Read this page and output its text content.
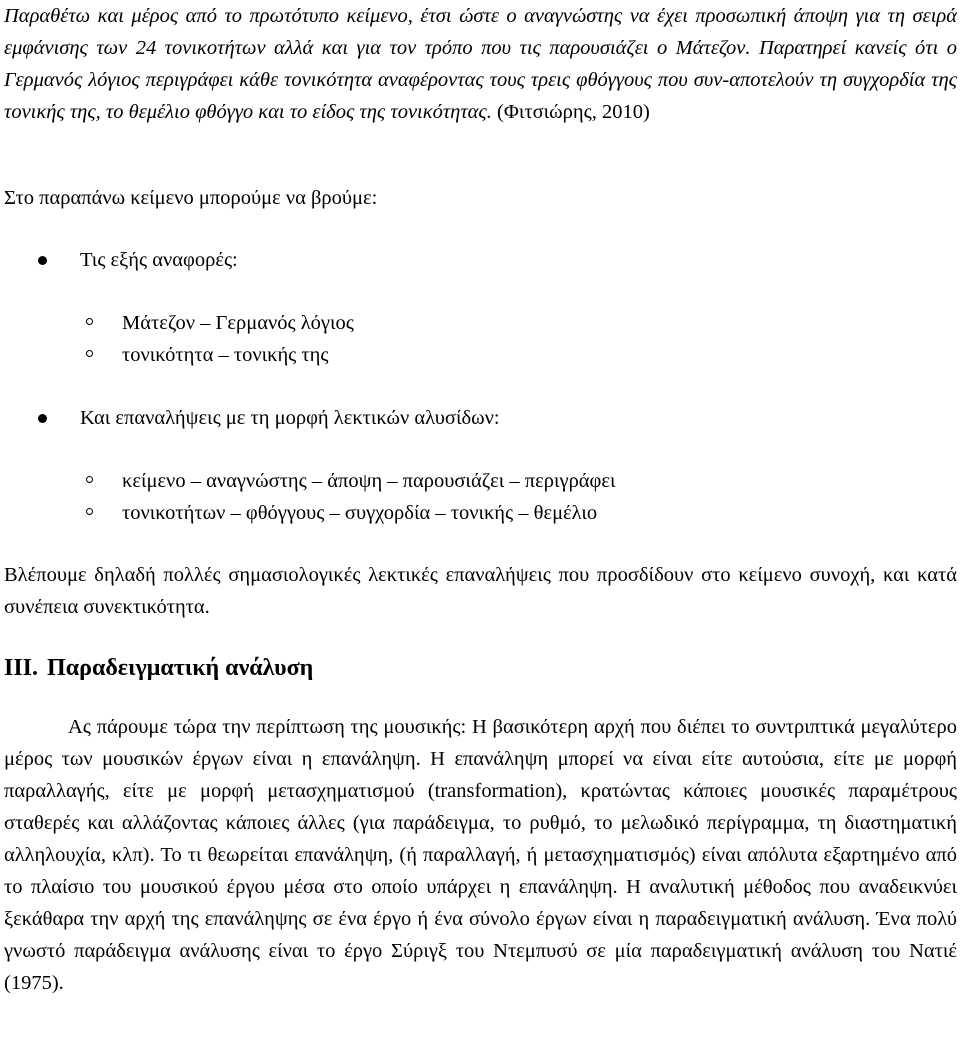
Παραθέτω και μέρος από το πρωτότυπο κείμενο, έτσι ώστε ο αναγνώστης να έχει προσωπική άποψη για τη σειρά εμφάνισης των 24 τονικοτήτων αλλά και για τον τρόπο που τις παρουσιάζει ο Μάτεζον. Παρατηρεί κανείς ότι ο Γερμανός λόγιος περιγράφει κάθε τονικότητα αναφέροντας τους τρεις φθόγγους που συν-αποτελούν τη συγχορδία της τονικής της, το θεμέλιο φθόγγο και το είδος της τονικότητας. (Φιτσιώρης, 2010)

Στο παραπάνω κείμενο μπορούμε να βρούμε:

Τις εξής αναφορές:
Μάτεζον – Γερμανός λόγιος
τονικότητα – τονικής της
Και επαναλήψεις με τη μορφή λεκτικών αλυσίδων:
κείμενο – αναγνώστης – άποψη – παρουσιάζει – περιγράφει
τονικοτήτων – φθόγγους – συγχορδία – τονικής – θεμέλιο

Βλέπουμε δηλαδή πολλές σημασιολογικές λεκτικές επαναλήψεις που προσδίδουν στο κείμενο συνοχή, και κατά συνέπεια συνεκτικότητα.

ΙΙΙ. Παραδειγματική ανάλυση

Ας πάρουμε τώρα την περίπτωση της μουσικής: Η βασικότερη αρχή που διέπει το συντριπτικά μεγαλύτερο μέρος των μουσικών έργων είναι η επανάληψη. Η επανάληψη μπορεί να είναι είτε αυτούσια, είτε με μορφή παραλλαγής, είτε με μορφή μετασχηματισμού (transformation), κρατώντας κάποιες μουσικές παραμέτρους σταθερές και αλλάζοντας κάποιες άλλες (για παράδειγμα, το ρυθμό, το μελωδικό περίγραμμα, τη διαστηματική αλληλουχία, κλπ). Το τι θεωρείται επανάληψη, (ή παραλλαγή, ή μετασχηματισμός) είναι απόλυτα εξαρτημένο από το πλαίσιο του μουσικού έργου μέσα στο οποίο υπάρχει η επανάληψη. Η αναλυτική μέθοδος που αναδεικνύει ξεκάθαρα την αρχή της επανάληψης σε ένα έργο ή ένα σύνολο έργων είναι η παραδειγματική ανάλυση. Ένα πολύ γνωστό παράδειγμα ανάλυσης είναι το έργο Σύριγξ του Ντεμπυσύ σε μία παραδειγματική ανάλυση του Νατιέ (1975).
